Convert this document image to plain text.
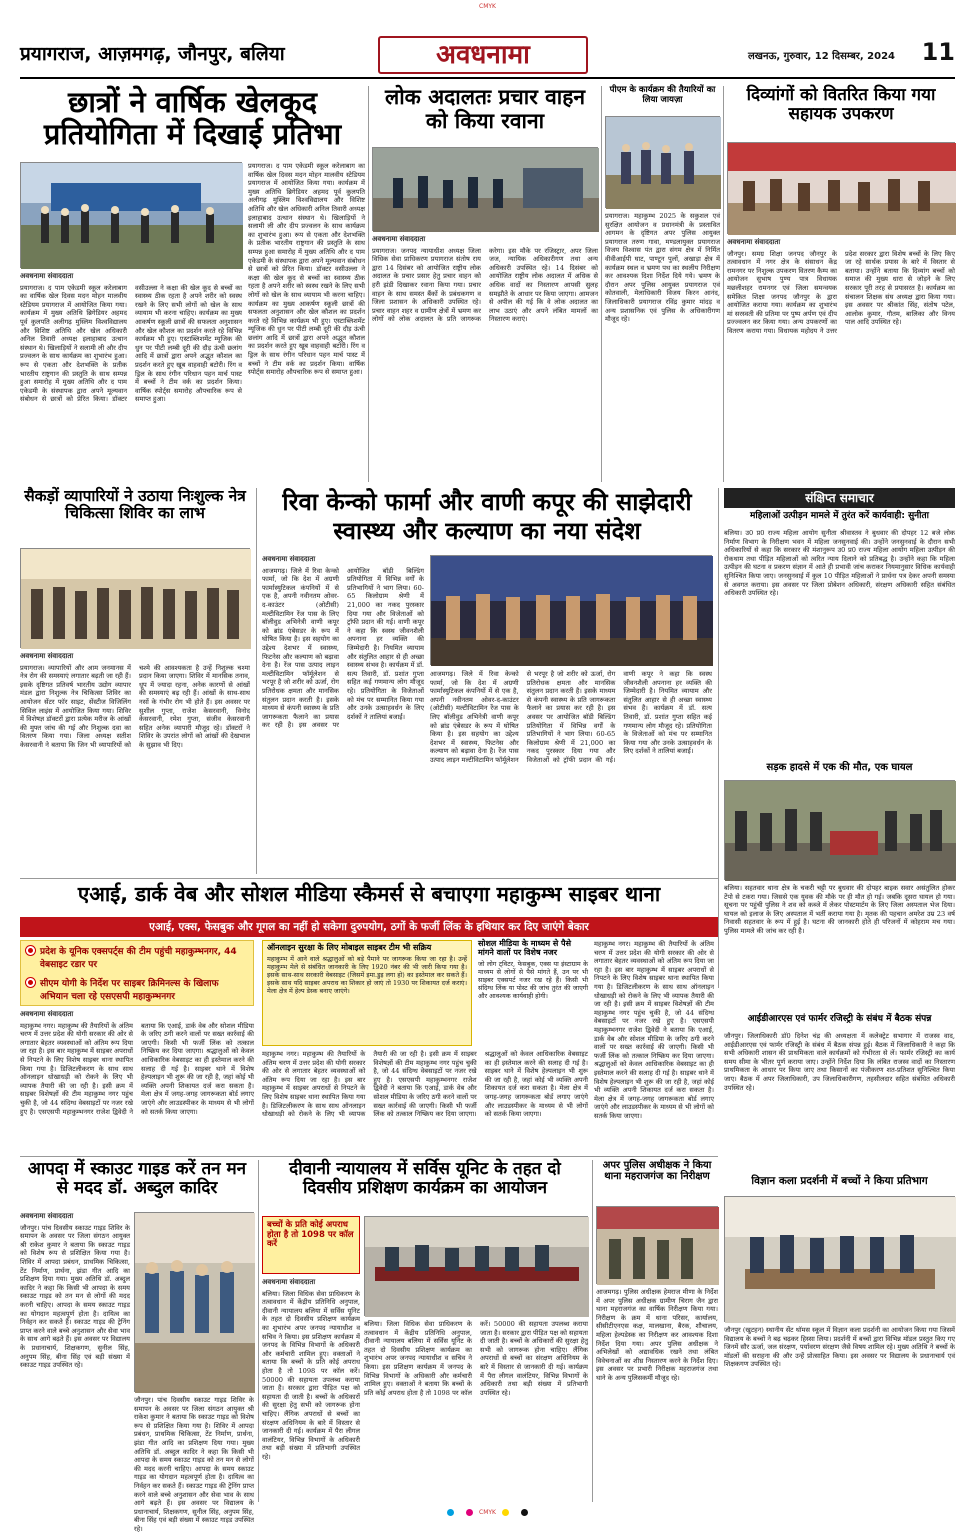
CMYK
CMYK
प्रयागराज, आज़मगढ़, जौनपुर, बलिया	अवधनामा	लखनऊ, गुरुवार, 12 दिसम्बर, 2024	11
छात्रों ने वार्षिक खेलकूद प्रतियोगिता में दिखाई प्रतिभा
अवधनामा संवाददाता
प्रयागराज। द पाम एकेडमी स्कूल करेलाबाग का वार्षिक खेल दिवस मदन मोहन मालवीय स्टेडियम प्रयागराज में आयोजित किया गया। कार्यक्रम में मुख्य अतिथि ब्रिगेडियर अहमद पूर्व कुलपति अलीगढ़ मुस्लिम विश्वविद्यालय और विशिष्ट अतिथि और खेल अधिकारी अनिल तिवारी अध्यक्ष इलाहाबाद उत्थान संस्थान थे। खिलाड़ियों ने सलामी ली और दीप प्रज्वलन के साथ कार्यक्रम का शुभारंभ हुआ। रूप से एकता और देशभक्ति के प्रतीक भारतीय राष्ट्रगान की प्रस्तुति के साथ सम्पन्न हुआ समारोह में मुख्य अतिथि और द पाम एकेडमी के संस्थापक द्वारा अपने मूल्यवान संबोधन से छात्रों को प्रेरित किया। डॉक्टर वसीउल्ला ने कक्षा की खेल कूद से बच्चों का स्वास्थ्य ठीक रहता है अपने शरीर को स्वस्थ रखने के लिए सभी लोगों को खेल के साथ व्यायाम भी करना चाहिए। कार्यक्रम का मुख्य आकर्षण स्कूली छात्रों की सफलता अनुशासन और खेल कौशल का प्रदर्शन करते रहे विभिन्न कार्यक्रम भी हुए। एस्टाब्लिशमेंट म्यूजिक की धुन पर पीटी लम्बी दूरी की दौड़ ऊंची छलांग आदि में छात्रों द्वारा अपने अद्भुत कौशल का प्रदर्शन करते हुए खूब वाहवाही बटोरी। रिंग व ड्रिल के साथ रंगीन परिधान पहन मार्च पास्ट में बच्चों ने टीम वर्क का प्रदर्शन किया। वार्षिक स्पोर्ट्स समारोह औपचारिक रूप से समाप्त हुआ।
प्रयागराज। द पाम एकेडमी स्कूल करेलाबाग का वार्षिक खेल दिवस मदन मोहन मालवीय स्टेडियम प्रयागराज में आयोजित किया गया। कार्यक्रम में मुख्य अतिथि ब्रिगेडियर अहमद पूर्व कुलपति अलीगढ़ मुस्लिम विश्वविद्यालय और विशिष्ट अतिथि और खेल अधिकारी अनिल तिवारी अध्यक्ष इलाहाबाद उत्थान संस्थान थे। खिलाड़ियों ने सलामी ली और दीप प्रज्वलन के साथ कार्यक्रम का शुभारंभ हुआ। रूप से एकता और देशभक्ति के प्रतीक भारतीय राष्ट्रगान की प्रस्तुति के साथ सम्पन्न हुआ समारोह में मुख्य अतिथि और द पाम एकेडमी के संस्थापक द्वारा अपने मूल्यवान संबोधन से छात्रों को प्रेरित किया। डॉक्टर वसीउल्ला ने कक्षा की खेल कूद से बच्चों का स्वास्थ्य ठीक रहता है अपने शरीर को स्वस्थ रखने के लिए सभी लोगों को खेल के साथ व्यायाम भी करना चाहिए। कार्यक्रम का मुख्य आकर्षण स्कूली छात्रों की सफलता अनुशासन और खेल कौशल का प्रदर्शन करते रहे विभिन्न कार्यक्रम भी हुए। एस्टाब्लिशमेंट म्यूजिक की धुन पर पीटी लम्बी दूरी की दौड़ ऊंची छलांग आदि में छात्रों द्वारा अपने अद्भुत कौशल का प्रदर्शन करते हुए खूब वाहवाही बटोरी। रिंग व ड्रिल के साथ रंगीन परिधान पहन मार्च पास्ट में बच्चों ने टीम वर्क का प्रदर्शन किया। वार्षिक स्पोर्ट्स समारोह औपचारिक रूप से समाप्त हुआ।
लोक अदालतः प्रचार वाहन को किया रवाना
अवधनामा संवाददाता
प्रयागराज। जनपद न्यायाधीश अध्यक्ष जिला विधिक सेवा प्राधिकरण प्रयागराज संतोष राय द्वारा 14 दिसंबर को आयोजित राष्ट्रीय लोक अदालत के प्रचार प्रसार हेतु प्रचार वाहन को हरी झंडी दिखाकर रवाना किया गया। प्रचार वाहन के साथ समस्त बैंकों के प्रबंधकगण व जिला प्रशासन के अधिकारी उपस्थित रहे। प्रचार वाहन शहर व ग्रामीण क्षेत्रों में भ्रमण कर लोगों को लोक अदालत के प्रति जागरूक करेगा। इस मौके पर रजिस्ट्रार, अपर जिला जज, न्यायिक अधिकारीगण तथा अन्य अधिकारी उपस्थित रहे। 14 दिसंबर को आयोजित राष्ट्रीय लोक अदालत में अधिक से अधिक वादों का निस्तारण आपसी सुलह समझौते के आधार पर किया जाएगा। आमजन से अपील की गई कि वे लोक अदालत का लाभ उठाएं और अपने लंबित मामलों का निस्तारण कराएं।
पीएम के कार्यक्रम की तैयारियों का लिया जायज़ा
प्रयागराज। महाकुम्भ 2025 के सकुशल एवं सुरक्षित आयोजन व प्रधानमंत्री के प्रस्तावित आगमन के दृष्टिगत अपर पुलिस आयुक्त प्रयागराज तरुण गावा, मण्डलायुक्त प्रयागराज विजय विश्वास पंत द्वारा संगम क्षेत्र में निर्मित वीवीआईपी घाट, पाण्टून पुलों, अखाड़ा क्षेत्र में कार्यक्रम स्थल व भ्रमण पथ का स्थलीय निरीक्षण कर आवश्यक दिशा निर्देश दिये गये। भ्रमण के दौरान अपर पुलिस आयुक्त प्रयागराज एवं कोतवाली, मेलाधिकारी विजय किरन आनंद, जिलाधिकारी प्रयागराज रविंद्र कुमार मांदड़ व अन्य प्रशासनिक एवं पुलिस के अधिकारीगण मौजूद रहे।
दिव्यांगों को वितरित किया गया सहायक उपकरण
अवधनामा संवाददाता
जौनपुर। समग्र शिक्षा जनपद जौनपुर के तत्वावधान में नगर क्षेत्र के संसाधन केंद्र रामनगर पर निशुल्क उपकरण वितरण कैम्प का आयोजन सुभाष पुण्य पात्र विधायक मछलीशहर रामनगर एवं जिला समन्वयक समेकित शिक्षा जनपद जौनपुर के द्वारा आयोजित कराया गया। कार्यक्रम का शुभारंभ मां सरस्वती की प्रतिमा पर पुष्प अर्पण एवं दीप प्रज्ज्वलन कर किया गया। अन्य उपकरणों का वितरण कराया गया। विधायक महोदय ने उत्तर प्रदेश सरकार द्वारा विशेष बच्चों के लिए किए जा रहे सार्थक प्रयास के बारे में विस्तार से बताया। उन्होंने बताया कि दिव्यांग बच्चों को समाज की मुख्य धारा से जोड़ने के लिए सरकार पूरी तरह से प्रयासरत है। कार्यक्रम का संचालन शिक्षक संघ अध्यक्ष द्वारा किया गया। इस अवसर पर श्रीकांत सिंह, संतोष पटेल, आलोक कुमार, गौतम, बालिका और विनय पाल आदि उपस्थित रहे।
सैकड़ों व्यापारियों ने उठाया निःशुल्क नेत्र चिकित्सा शिविर का लाभ
अवधनामा संवाददाता
प्रयागराज। व्यापारियों और आम जनमानस में नेत्र रोग की समस्याएं लगातार बढ़ती जा रही हैं। इसके दृष्टिगत प्रतिवर्ष भारतीय उद्योग व्यापार मंडल द्वारा निशुल्क नेत्र चिकित्सा शिविर का आयोजन सेंटर फॉर साइट, सेंस्टीज विजिलिंग सिविल लाइंस में आयोजित किया गया। शिविर में विशेषज्ञ डॉक्टरों द्वारा प्रत्येक मरीज के आंखों की मुफ्त जांच की गई और निशुल्क दवा का वितरण किया गया। जिला अध्यक्ष सतीश केसरवानी ने बताया कि जिन भी व्यापारियों को चश्मे की आवश्यकता है उन्हें निशुल्क चश्मा प्रदान किया जाएगा। शिविर में मानसिक तनाव, धूप में ज्यादा रहना, अनेक कारणों से आंखों की समस्याएं बढ़ रही हैं। आंखों के साथ-साथ नसों के गंभीर रोग भी होते हैं। इस अवसर पर सुशील गुप्ता, राजेश केसरवानी, विनोद केसरवानी, रमेश गुप्ता, संजीव केसरवानी सहित अनेक व्यापारी मौजूद रहे। डॉक्टरों ने शिविर के उपरांत लोगों को आंखों की देखभाल के सुझाव भी दिए।
रिवा केन्को फार्मा और वाणी कपूर की साझेदारी स्वास्थ्य और कल्याण का नया संदेश
अवधनामा संवाददाता
आजमगढ़। जिले में रिवा केन्को फार्मा, जो कि देश में अग्रणी फार्मास्युटिकल कंपनियों में से एक है, अपनी नवीनतम ओवर-द-काउंटर (ओटीसी) मल्टीविटामिन रेंज पास के लिए बॉलीवुड अभिनेत्री वाणी कपूर को ब्रांड एंबेसडर के रूप में घोषित किया है। इस सहयोग का उद्देश्य देशभर में स्वास्थ्य, फिटनेस और कल्याण को बढ़ावा देना है। रेंज पास उत्पाद लाइन मल्टीविटामिन फॉर्मूलेशन से भरपूर है जो शरीर को ऊर्जा, रोग प्रतिरोधक क्षमता और मानसिक संतुलन प्रदान करती है। इसके माध्यम से कंपनी स्वास्थ्य के प्रति जागरूकता फैलाने का प्रयास कर रही है। इस अवसर पर आयोजित बॉडी बिल्डिंग प्रतियोगिता में विभिन्न वर्गों के प्रतिभागियों ने भाग लिया। 60-65 किलोग्राम श्रेणी में 21,000 का नकद पुरस्कार दिया गया और विजेताओं को ट्रॉफी प्रदान की गई। वाणी कपूर ने कहा कि स्वस्थ जीवनशैली अपनाना हर व्यक्ति की जिम्मेदारी है। नियमित व्यायाम और संतुलित आहार से ही अच्छा स्वास्थ्य संभव है। कार्यक्रम में डॉ. सत्य तिवारी, डॉ. प्रशांत गुप्ता सहित कई गणमान्य लोग मौजूद रहे। प्रतियोगिता के विजेताओं को मंच पर सम्मानित किया गया और उनके उत्साहवर्धन के लिए दर्शकों ने तालियां बजाईं।
आजमगढ़। जिले में रिवा केन्को फार्मा, जो कि देश में अग्रणी फार्मास्युटिकल कंपनियों में से एक है, अपनी नवीनतम ओवर-द-काउंटर (ओटीसी) मल्टीविटामिन रेंज पास के लिए बॉलीवुड अभिनेत्री वाणी कपूर को ब्रांड एंबेसडर के रूप में घोषित किया है। इस सहयोग का उद्देश्य देशभर में स्वास्थ्य, फिटनेस और कल्याण को बढ़ावा देना है। रेंज पास उत्पाद लाइन मल्टीविटामिन फॉर्मूलेशन से भरपूर है जो शरीर को ऊर्जा, रोग प्रतिरोधक क्षमता और मानसिक संतुलन प्रदान करती है। इसके माध्यम से कंपनी स्वास्थ्य के प्रति जागरूकता फैलाने का प्रयास कर रही है। इस अवसर पर आयोजित बॉडी बिल्डिंग प्रतियोगिता में विभिन्न वर्गों के प्रतिभागियों ने भाग लिया। 60-65 किलोग्राम श्रेणी में 21,000 का नकद पुरस्कार दिया गया और विजेताओं को ट्रॉफी प्रदान की गई। वाणी कपूर ने कहा कि स्वस्थ जीवनशैली अपनाना हर व्यक्ति की जिम्मेदारी है। नियमित व्यायाम और संतुलित आहार से ही अच्छा स्वास्थ्य संभव है। कार्यक्रम में डॉ. सत्य तिवारी, डॉ. प्रशांत गुप्ता सहित कई गणमान्य लोग मौजूद रहे। प्रतियोगिता के विजेताओं को मंच पर सम्मानित किया गया और उनके उत्साहवर्धन के लिए दर्शकों ने तालियां बजाईं।
संक्षिप्त समाचार
महिलाओं उत्पीड़न मामले में तुरंत करें कार्यवाही: सुनीता
बलिया। उ0 प्र0 राज्य महिला आयोग सुनीता श्रीवास्तव ने बुधवार की दोपहर 12 बजे लोक निर्माण विभाग के निरीक्षण भवन में महिला जनसुनवाई की। उन्होंने जनसुनवाई के दौरान सभी अधिकारियों से कहा कि सरकार की मंशानुरूप उ0 प्र0 राज्य महिला आयोग महिला उत्पीड़न की रोकथाम तथा पीड़ित महिलाओं को त्वरित न्याय दिलाने को प्रतिबद्ध है। उन्होंने कहा कि महिला उत्पीड़न की घटना व प्रकरण संज्ञान में आते ही प्रभावी जांच कराकर नियमानुसार विधिक कार्यवाही सुनिश्चित किया जाए। जनसुनवाई में कुल 10 पीड़ित महिलाओं ने प्रार्थना पत्र देकर अपनी समस्या से अवगत कराया। इस अवसर पर जिला प्रोबेशन अधिकारी, संरक्षण अधिकारी सहित संबंधित अधिकारी उपस्थित रहे।
सड़क हादसे में एक की मौत, एक घायल
बलिया। सहतवार थाना क्षेत्र के चकरी चट्टी पर बुधवार की दोपहर बाइक सवार असंतुलित होकर टेंपो से टकरा गया। जिससे एक युवक की मौके पर ही मौत हो गई। जबकि दूसरा घायल हो गया। सूचना पर पहुंची पुलिस ने शव को कब्जे में लेकर पोस्टमार्टम के लिए जिला अस्पताल भेज दिया। घायल को इलाज के लिए अस्पताल में भर्ती कराया गया है। मृतक की पहचान अमरेश उम्र 23 वर्ष निवासी सहतवार के रूप में हुई है। घटना की जानकारी होते ही परिजनों में कोहराम मच गया। पुलिस मामले की जांच कर रही है।
एआई, डार्क वेब और सोशल मीडिया स्कैमर्स से बचाएगा महाकुम्भ साइबर थाना
एआई, एक्स, फेसबुक और गूगल का नहीं हो सकेगा दुरुपयोग, ठगों के फर्जी लिंक के हथियार कर दिए जाएंगे बेकार
प्रदेश के यूनिक एक्सपर्ट्स की टीम पहुंची महाकुम्भनगर, 44 वेबसाइट रडार पर
सीएम योगी के निर्देश पर साइबर क्रिमिनल्स के खिलाफ अभियान चला रहे एसएसपी महाकुम्भनगर
ऑनलाइन सुरक्षा के लिए मोबाइल साइबर टीम भी सक्रिय
महाकुम्भ में आने वाले श्रद्धालुओं को बड़े पैमाने पर जागरूक किया जा रहा है। उन्हें महाकुम्भ मेले से संबंधित जानकारी के लिए 1920 नंबर की भी जारी किया गया है। इसके साथ-साथ सरकारी वेबसाइट (जिसमें इमा.डुइ लगा हो) का इस्तेमाल कर सकते हैं। इसके साथ यदि साइबर अपराध का शिकार हो जाएं तो 1930 पर शिकायत दर्ज कराएं। मेला क्षेत्र में हेल्प डेस्क बनाए जाएंगे।
सोशल मीडिया के माध्यम से पैसे मांगने वालों पर विशेष नजर
जो लोग ट्विटर, फेसबुक, एक्स या इंस्टाग्राम के माध्यम से लोगों से पैसे मांगते हैं, उन पर भी साइबर एक्सपर्ट नजर रख रहे हैं। किसी भी संदिग्ध लिंक या पोस्ट की जांच तुरंत की जाएगी और आवश्यक कार्यवाही होगी।
अवधनामा संवाददाता
महाकुम्भ नगर। महाकुम्भ की तैयारियों के अंतिम चरण में उत्तर प्रदेश की योगी सरकार की ओर से लगातार बेहतर व्यवस्थाओं को अंतिम रूप दिया जा रहा है। इस बार महाकुम्भ में साइबर अपराधों से निपटने के लिए विशेष साइबर थाना स्थापित किया गया है। डिजिटलीकरण के साथ साथ ऑनलाइन धोखाधड़ी को रोकने के लिए भी व्यापक तैयारी की जा रही है। इसी क्रम में साइबर विशेषज्ञों की टीम महाकुम्भ नगर पहुंच चुकी है, जो 44 संदिग्ध वेबसाइटों पर नजर रखे हुए है। एसएसपी महाकुम्भनगर राजेश द्विवेदी ने बताया कि एआई, डार्क वेब और सोशल मीडिया के जरिए ठगी करने वालों पर सख्त कार्रवाई की जाएगी। किसी भी फर्जी लिंक को तत्काल निष्क्रिय कर दिया जाएगा। श्रद्धालुओं को केवल आधिकारिक वेबसाइट का ही इस्तेमाल करने की सलाह दी गई है। साइबर थाने में विशेष हेल्पलाइन भी शुरू की जा रही है, जहां कोई भी व्यक्ति अपनी शिकायत दर्ज करा सकता है। मेला क्षेत्र में जगह-जगह जागरूकता बोर्ड लगाए जाएंगे और लाउडस्पीकर के माध्यम से भी लोगों को सतर्क किया जाएगा।
महाकुम्भ नगर। महाकुम्भ की तैयारियों के अंतिम चरण में उत्तर प्रदेश की योगी सरकार की ओर से लगातार बेहतर व्यवस्थाओं को अंतिम रूप दिया जा रहा है। इस बार महाकुम्भ में साइबर अपराधों से निपटने के लिए विशेष साइबर थाना स्थापित किया गया है। डिजिटलीकरण के साथ साथ ऑनलाइन धोखाधड़ी को रोकने के लिए भी व्यापक तैयारी की जा रही है। इसी क्रम में साइबर विशेषज्ञों की टीम महाकुम्भ नगर पहुंच चुकी है, जो 44 संदिग्ध वेबसाइटों पर नजर रखे हुए है। एसएसपी महाकुम्भनगर राजेश द्विवेदी ने बताया कि एआई, डार्क वेब और सोशल मीडिया के जरिए ठगी करने वालों पर सख्त कार्रवाई की जाएगी। किसी भी फर्जी लिंक को तत्काल निष्क्रिय कर दिया जाएगा। श्रद्धालुओं को केवल आधिकारिक वेबसाइट का ही इस्तेमाल करने की सलाह दी गई है। साइबर थाने में विशेष हेल्पलाइन भी शुरू की जा रही है, जहां कोई भी व्यक्ति अपनी शिकायत दर्ज करा सकता है। मेला क्षेत्र में जगह-जगह जागरूकता बोर्ड लगाए जाएंगे और लाउडस्पीकर के माध्यम से भी लोगों को सतर्क किया जाएगा।
महाकुम्भ नगर। महाकुम्भ की तैयारियों के अंतिम चरण में उत्तर प्रदेश की योगी सरकार की ओर से लगातार बेहतर व्यवस्थाओं को अंतिम रूप दिया जा रहा है। इस बार महाकुम्भ में साइबर अपराधों से निपटने के लिए विशेष साइबर थाना स्थापित किया गया है। डिजिटलीकरण के साथ साथ ऑनलाइन धोखाधड़ी को रोकने के लिए भी व्यापक तैयारी की जा रही है। इसी क्रम में साइबर विशेषज्ञों की टीम महाकुम्भ नगर पहुंच चुकी है, जो 44 संदिग्ध वेबसाइटों पर नजर रखे हुए है। एसएसपी महाकुम्भनगर राजेश द्विवेदी ने बताया कि एआई, डार्क वेब और सोशल मीडिया के जरिए ठगी करने वालों पर सख्त कार्रवाई की जाएगी। किसी भी फर्जी लिंक को तत्काल निष्क्रिय कर दिया जाएगा। श्रद्धालुओं को केवल आधिकारिक वेबसाइट का ही इस्तेमाल करने की सलाह दी गई है। साइबर थाने में विशेष हेल्पलाइन भी शुरू की जा रही है, जहां कोई भी व्यक्ति अपनी शिकायत दर्ज करा सकता है। मेला क्षेत्र में जगह-जगह जागरूकता बोर्ड लगाए जाएंगे और लाउडस्पीकर के माध्यम से भी लोगों को सतर्क किया जाएगा।
आईडीआरएस एवं फार्मर रजिस्ट्री के संबंध में बैठक संपन्न
जौनपुर। जिलाधिकारी डॉ0 दिनेश चंद्र की अध्यक्षता में कलेक्ट्रेट सभागार में राजस्व वाद, आईडीआरएस एवं फार्मर रजिस्ट्री के संबंध में बैठक संपन्न हुई। बैठक में जिलाधिकारी ने कहा कि सभी अधिकारी शासन की प्राथमिकता वाले कार्यक्रमों को गंभीरता से लें। फार्मर रजिस्ट्री का कार्य समय सीमा के भीतर पूर्ण कराया जाए। उन्होंने निर्देश दिया कि लंबित राजस्व वादों का निस्तारण प्राथमिकता के आधार पर किया जाए तथा किसानों का पंजीकरण शत-प्रतिशत सुनिश्चित किया जाए। बैठक में अपर जिलाधिकारी, उप जिलाधिकारीगण, तहसीलदार सहित संबंधित अधिकारी उपस्थित रहे।
आपदा में स्काउट गाइड करें तन मन से मदद डॉ. अब्दुल कादिर
अवधनामा संवाददाता
जौनपुर। पांच दिवसीय स्काउट गाइड शिविर के समापन के अवसर पर जिला संगठन आयुक्त श्री राकेश कुमार ने बताया कि स्काउट गाइड को विशेष रूप से प्रशिक्षित किया गया है। शिविर में आपदा प्रबंधन, प्राथमिक चिकित्सा, टेंट निर्माण, प्रार्थना, झंडा गीत आदि का प्रशिक्षण दिया गया। मुख्य अतिथि डॉ. अब्दुल कादिर ने कहा कि किसी भी आपदा के समय स्काउट गाइड को तन मन से लोगों की मदद करनी चाहिए। आपदा के समय स्काउट गाइड का योगदान महत्वपूर्ण होता है। दायित्व का निर्वहन कर सकते हैं। स्काउट गाइड की ट्रेनिंग प्राप्त करने वाले बच्चे अनुशासन और सेवा भाव के साथ आगे बढ़ते हैं। इस अवसर पर विद्यालय के प्रधानाचार्य, शिक्षकगण, सुनील सिंह, अनुपम सिंह, बीना सिंह एवं बड़ी संख्या में स्काउट गाइड उपस्थित रहे।
जौनपुर। पांच दिवसीय स्काउट गाइड शिविर के समापन के अवसर पर जिला संगठन आयुक्त श्री राकेश कुमार ने बताया कि स्काउट गाइड को विशेष रूप से प्रशिक्षित किया गया है। शिविर में आपदा प्रबंधन, प्राथमिक चिकित्सा, टेंट निर्माण, प्रार्थना, झंडा गीत आदि का प्रशिक्षण दिया गया। मुख्य अतिथि डॉ. अब्दुल कादिर ने कहा कि किसी भी आपदा के समय स्काउट गाइड को तन मन से लोगों की मदद करनी चाहिए। आपदा के समय स्काउट गाइड का योगदान महत्वपूर्ण होता है। दायित्व का निर्वहन कर सकते हैं। स्काउट गाइड की ट्रेनिंग प्राप्त करने वाले बच्चे अनुशासन और सेवा भाव के साथ आगे बढ़ते हैं। इस अवसर पर विद्यालय के प्रधानाचार्य, शिक्षकगण, सुनील सिंह, अनुपम सिंह, बीना सिंह एवं बड़ी संख्या में स्काउट गाइड उपस्थित रहे।
दीवानी न्यायालय में सर्विस यूनिट के तहत दो दिवसीय प्रशिक्षण कार्यक्रम का आयोजन
बच्चों के प्रति कोई अपराध होता है तो 1098 पर कॉल करें
अवधनामा संवाददाता
बलिया। जिला विधिक सेवा प्राधिकरण के तत्वावधान में केंद्रीय प्रतिनिधि अनुपाल, दीवानी न्यायालय बलिया में सर्विस यूनिट के तहत दो दिवसीय प्रशिक्षण कार्यक्रम का शुभारंभ अपर जनपद न्यायाधीश व सचिव ने किया। इस प्रशिक्षण कार्यक्रम में जनपद के विभिन्न विभागों के अधिकारी और कर्मचारी शामिल हुए। वक्ताओं ने बताया कि बच्चों के प्रति कोई अपराध होता है तो 1098 पर कॉल करें। 50000 की सहायता उपलब्ध कराया जाता है। सरकार द्वारा पीड़ित पक्ष को सहायता दी जाती है। बच्चों के अधिकारों की सुरक्षा हेतु सभी को जागरूक होना चाहिए। लैंगिक अपराधों से बच्चों का संरक्षण अधिनियम के बारे में विस्तार से जानकारी दी गई। कार्यक्रम में पैरा लीगल वालंटियर, विभिन्न विभागों के अधिकारी तथा बड़ी संख्या में प्रतिभागी उपस्थित रहे।
बलिया। जिला विधिक सेवा प्राधिकरण के तत्वावधान में केंद्रीय प्रतिनिधि अनुपाल, दीवानी न्यायालय बलिया में सर्विस यूनिट के तहत दो दिवसीय प्रशिक्षण कार्यक्रम का शुभारंभ अपर जनपद न्यायाधीश व सचिव ने किया। इस प्रशिक्षण कार्यक्रम में जनपद के विभिन्न विभागों के अधिकारी और कर्मचारी शामिल हुए। वक्ताओं ने बताया कि बच्चों के प्रति कोई अपराध होता है तो 1098 पर कॉल करें। 50000 की सहायता उपलब्ध कराया जाता है। सरकार द्वारा पीड़ित पक्ष को सहायता दी जाती है। बच्चों के अधिकारों की सुरक्षा हेतु सभी को जागरूक होना चाहिए। लैंगिक अपराधों से बच्चों का संरक्षण अधिनियम के बारे में विस्तार से जानकारी दी गई। कार्यक्रम में पैरा लीगल वालंटियर, विभिन्न विभागों के अधिकारी तथा बड़ी संख्या में प्रतिभागी उपस्थित रहे।
अपर पुलिस अधीक्षक ने किया थाना महराजगंज का निरीक्षण
आजमगढ़। पुलिस अधीक्षक हेमराज मीणा के निर्देश में अपर पुलिस अधीक्षक ग्रामीण चिराग जैन द्वारा थाना महराजगंज का वार्षिक निरीक्षण किया गया। निरीक्षण के क्रम में थाना परिसर, कार्यालय, सीसीटीएनएस कक्ष, मालखाना, बैरक, शौचालय, महिला हेल्पडेस्क का निरीक्षण कर आवश्यक दिशा निर्देश दिया गया। अपर पुलिस अधीक्षक ने अभिलेखों को अद्यावधिक रखने तथा लंबित विवेचनाओं का शीघ्र निस्तारण करने के निर्देश दिए। इस अवसर पर प्रभारी निरीक्षक महराजगंज तथा थाने के अन्य पुलिसकर्मी मौजूद रहे।
विज्ञान कला प्रदर्शनी में बच्चों ने किया प्रतिभाग
जौनपुर (खुटहन) स्थानीय सेंट थॉमस स्कूल में विज्ञान कला प्रदर्शनी का आयोजन किया गया जिसमें विद्यालय के बच्चों ने बढ़ चढ़कर हिस्सा लिया। प्रदर्शनी में बच्चों द्वारा विभिन्न मॉडल प्रस्तुत किए गए जिनमें सौर ऊर्जा, जल संरक्षण, पर्यावरण संरक्षण जैसे विषय शामिल रहे। मुख्य अतिथि ने बच्चों के मॉडलों की सराहना की और उन्हें प्रोत्साहित किया। इस अवसर पर विद्यालय के प्रधानाचार्य एवं शिक्षकगण उपस्थित रहे।
